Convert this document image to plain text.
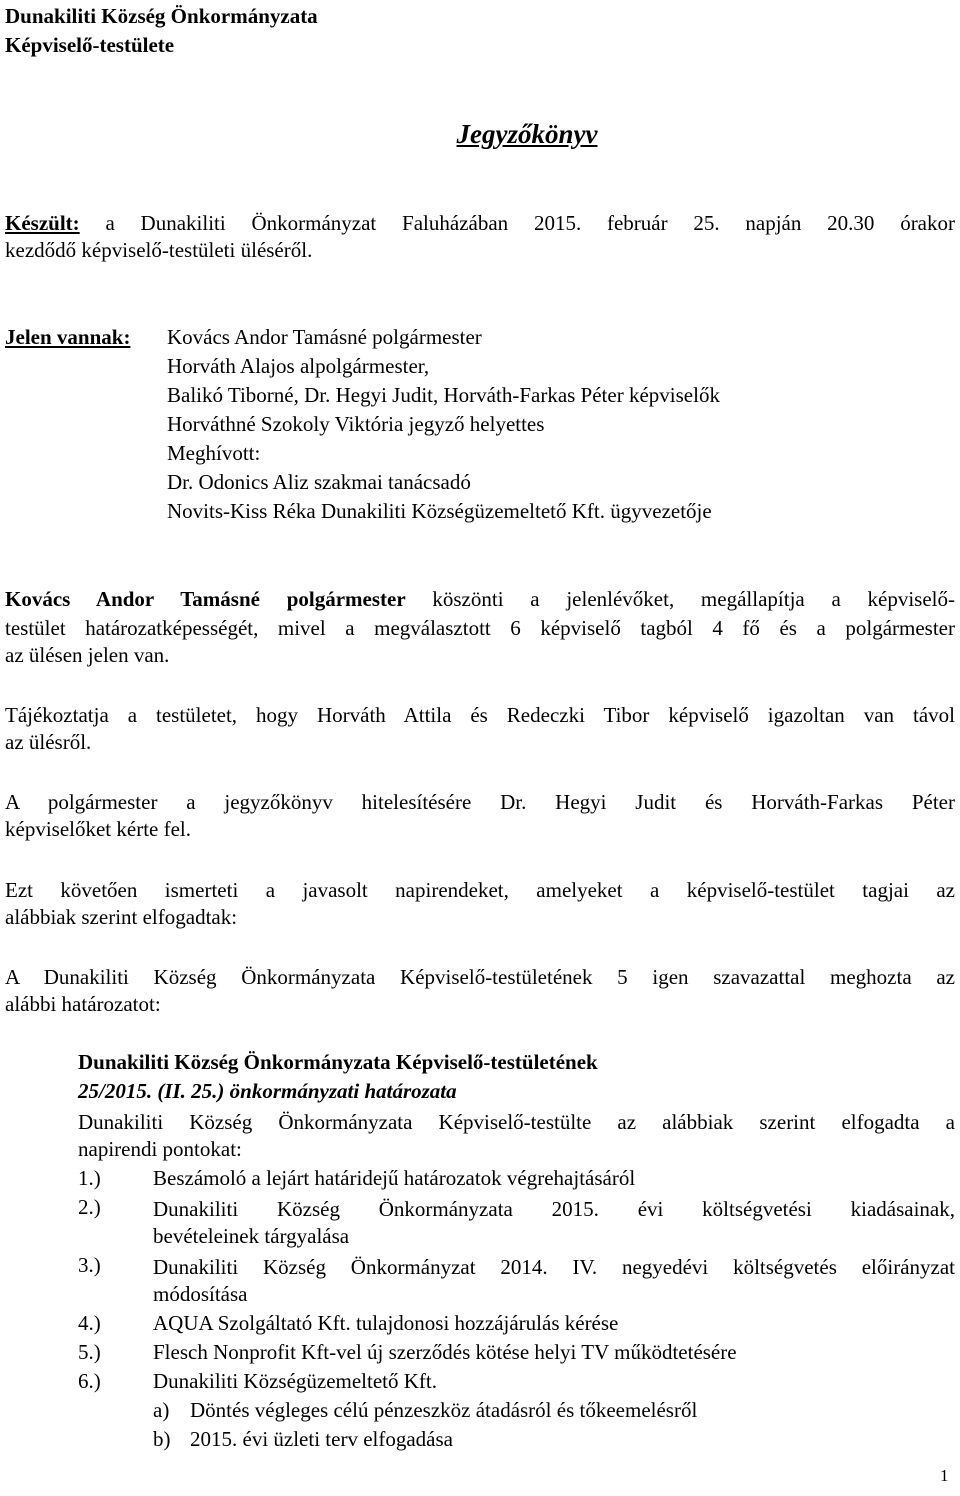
Dunakiliti Község Önkormányzata
Képviselő-testülete
Jegyzőkönyv
Készült: a Dunakiliti Önkormányzat Faluházában 2015. február 25. napján 20.30 órakor
kezdődő képviselő-testületi üléséről.
Jelen vannak: Kovács Andor Tamásné polgármester
Horváth Alajos alpolgármester,
Balikó Tiborné, Dr. Hegyi Judit, Horváth-Farkas Péter képviselők
Horváthné Szokoly Viktória jegyző helyettes
Meghívott:
Dr. Odonics Aliz szakmai tanácsadó
Novits-Kiss Réka Dunakiliti Községüzemeltető Kft. ügyvezetője
Kovács Andor Tamásné polgármester köszönti a jelenlévőket, megállapítja a képviselő-
testület határozatképességét, mivel a megválasztott 6 képviselő tagból 4 fő és a polgármester
az ülésen jelen van.
Tájékoztatja a testületet, hogy Horváth Attila és Redeczki Tibor képviselő igazoltan van távol
az ülésről.
A polgármester a jegyzőkönyv hitelesítésére Dr. Hegyi Judit és Horváth-Farkas Péter
képviselőket kérte fel.
Ezt követően ismerteti a javasolt napirendeket, amelyeket a képviselő-testület tagjai az
alábbiak szerint elfogadtak:
A Dunakiliti Község Önkormányzata Képviselő-testületének 5 igen szavazattal meghozta az
alábbi határozatot:
Dunakiliti Község Önkormányzata Képviselő-testületének
25/2015. (II. 25.) önkormányzati határozata
Dunakiliti Község Önkormányzata Képviselő-testülte az alábbiak szerint elfogadta a
napirendi pontokat:
1.) Beszámoló a lejárt határidejű határozatok végrehajtásáról
2.) Dunakiliti Község Önkormányzata 2015. évi költségvetési kiadásainak,
bevételeinek tárgyalása
3.) Dunakiliti Község Önkormányzat 2014. IV. negyedévi költségvetés előirányzat
módosítása
4.) AQUA Szolgáltató Kft. tulajdonosi hozzájárulás kérése
5.) Flesch Nonprofit Kft-vel új szerződés kötése helyi TV működtetésére
6.) Dunakiliti Községüzemeltető Kft.
a) Döntés végleges célú pénzeszköz átadásról és tőkeemelésről
b) 2015. évi üzleti terv elfogadása
1
